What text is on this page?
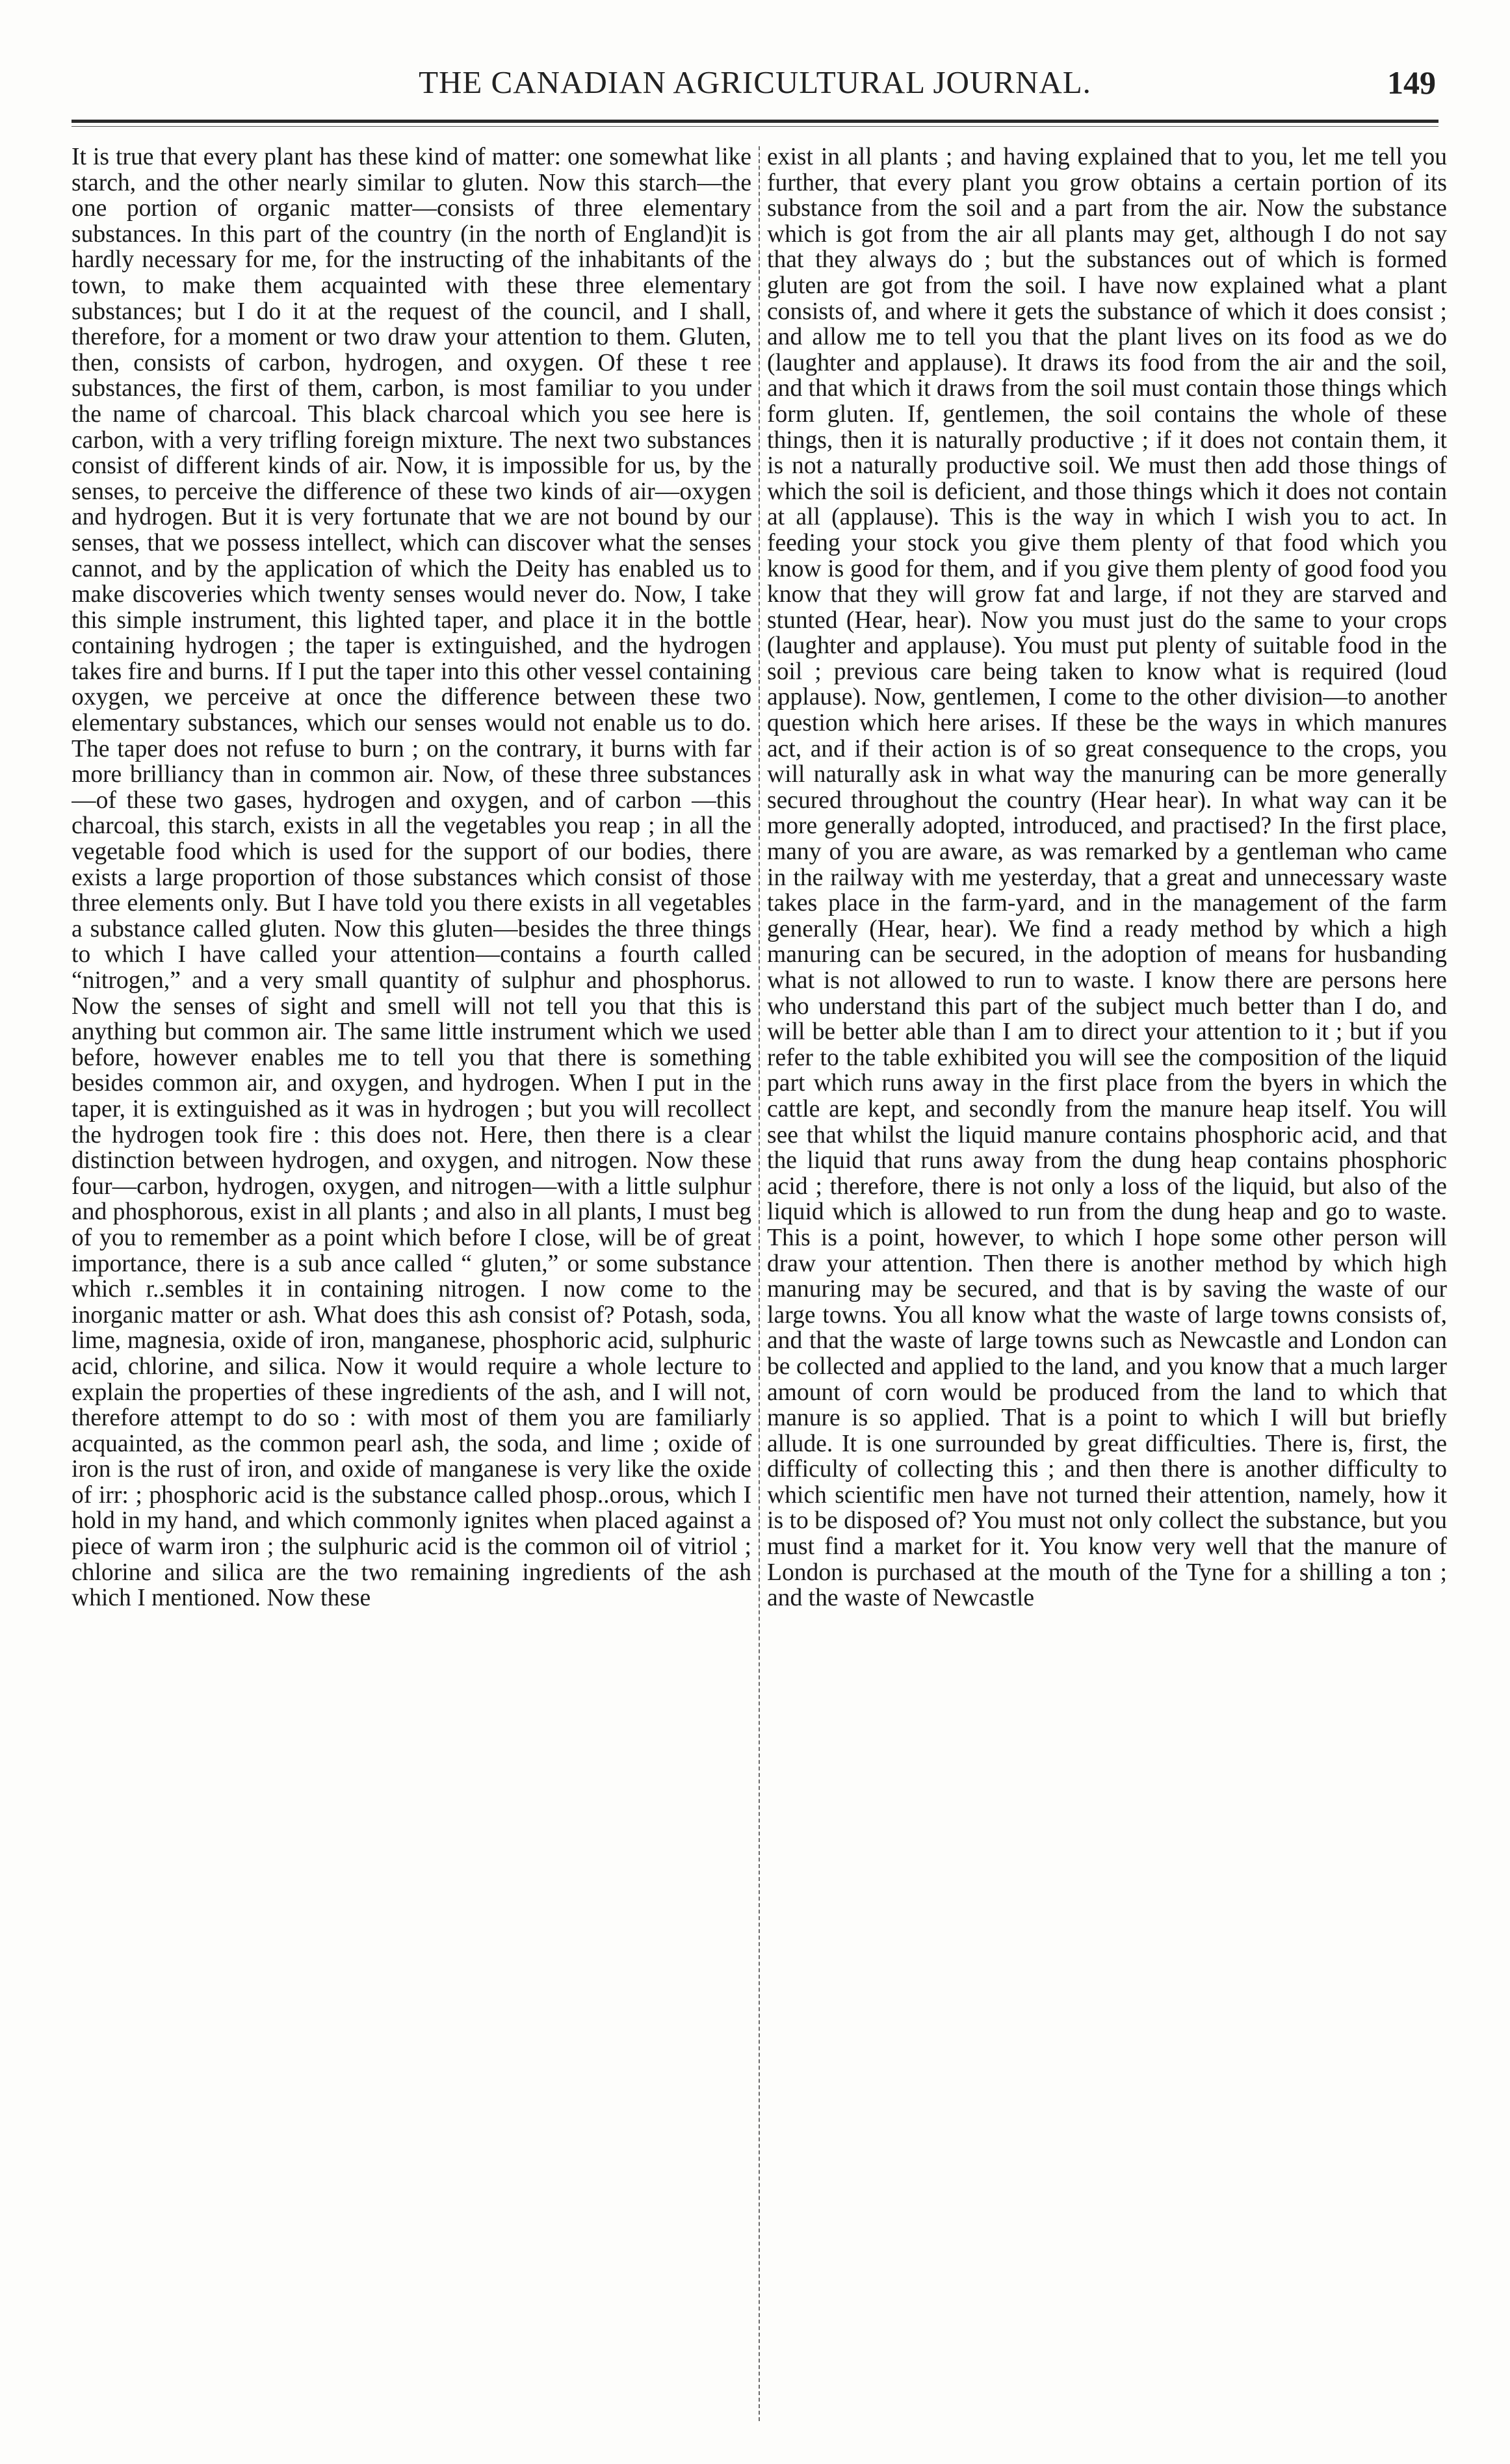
THE CANADIAN AGRICULTURAL JOURNAL.	149

It is true that every plant has these kind of matter: one somewhat like starch, and the other nearly similar to gluten. Now this starch—the one portion of organic matter—consists of three elementary substances. In this part of the country (in the north of England)it is hardly necessary for me, for the instructing of the inhabitants of the town, to make them acquainted with these three elementary substances; but I do it at the request of the council, and I shall, therefore, for a moment or two draw your attention to them. Gluten, then, consists of carbon, hydrogen, and oxygen. Of these t ree substances, the first of them, carbon, is most familiar to you under the name of charcoal. This black charcoal which you see here is carbon, with a very trifling foreign mixture. The next two substances consist of different kinds of air. Now, it is impossible for us, by the senses, to perceive the difference of these two kinds of air—oxygen and hydrogen. But it is very fortunate that we are not bound by our senses, that we possess intellect, which can discover what the senses cannot, and by the application of which the Deity has enabled us to make discoveries which twenty senses would never do. Now, I take this simple instrument, this lighted taper, and place it in the bottle containing hydrogen ; the taper is extinguished, and the hydrogen takes fire and burns. If I put the taper into this other vessel containing oxygen, we perceive at once the difference between these two elementary substances, which our senses would not enable us to do. The taper does not refuse to burn ; on the contrary, it burns with far more brilliancy than in common air. Now, of these three substances—of these two gases, hydrogen and oxygen, and of carbon —this charcoal, this starch, exists in all the vegetables you reap ; in all the vegetable food which is used for the support of our bodies, there exists a large proportion of those substances which consist of those three elements only. But I have told you there exists in all vegetables a substance called gluten. Now this gluten—besides the three things to which I have called your attention—contains a fourth called “nitrogen,” and a very small quantity of sulphur and phosphorus. Now the senses of sight and smell will not tell you that this is anything but common air. The same little instrument which we used before, however enables me to tell you that there is something besides common air, and oxygen, and hydrogen. When I put in the taper, it is extinguished as it was in hydrogen ; but you will recollect the hydrogen took fire : this does not. Here, then there is a clear distinction between hydrogen, and oxygen, and nitrogen. Now these four—carbon, hydrogen, oxygen, and nitrogen—with a little sulphur and phosphorous, exist in all plants ; and also in all plants, I must beg of you to remember as a point which before I close, will be of great importance, there is a sub ance called “ gluten,” or some substance which r..sembles it in containing nitrogen. I now come to the inorganic matter or ash. What does this ash consist of? Potash, soda, lime, magnesia, oxide of iron, manganese, phosphoric acid, sulphuric acid, chlorine, and silica. Now it would require a whole lecture to explain the properties of these ingredients of the ash, and I will not, therefore attempt to do so : with most of them you are familiarly acquainted, as the common pearl ash, the soda, and lime ; oxide of iron is the rust of iron, and oxide of manganese is very like the oxide of irr: ; phosphoric acid is the substance called phosp..orous, which I hold in my hand, and which commonly ignites when placed against a piece of warm iron ; the sulphuric acid is the common oil of vitriol ; chlorine and silica are the two remaining ingredients of the ash which I mentioned. Now these

exist in all plants ; and having explained that to you, let me tell you further, that every plant you grow obtains a certain portion of its substance from the soil and a part from the air. Now the substance which is got from the air all plants may get, although I do not say that they always do ; but the substances out of which is formed gluten are got from the soil. I have now explained what a plant consists of, and where it gets the substance of which it does consist ; and allow me to tell you that the plant lives on its food as we do (laughter and applause). It draws its food from the air and the soil, and that which it draws from the soil must contain those things which form gluten. If, gentlemen, the soil contains the whole of these things, then it is naturally productive ; if it does not contain them, it is not a naturally productive soil. We must then add those things of which the soil is deficient, and those things which it does not contain at all (applause). This is the way in which I wish you to act. In feeding your stock you give them plenty of that food which you know is good for them, and if you give them plenty of good food you know that they will grow fat and large, if not they are starved and stunted (Hear, hear). Now you must just do the same to your crops (laughter and applause). You must put plenty of suitable food in the soil ; previous care being taken to know what is required (loud applause). Now, gentlemen, I come to the other division—to another question which here arises. If these be the ways in which manures act, and if their action is of so great consequence to the crops, you will naturally ask in what way the manuring can be more generally secured throughout the country (Hear hear). In what way can it be more generally adopted, introduced, and practised? In the first place, many of you are aware, as was remarked by a gentleman who came in the railway with me yesterday, that a great and unnecessary waste takes place in the farm-yard, and in the management of the farm generally (Hear, hear). We find a ready method by which a high manuring can be secured, in the adoption of means for husbanding what is not allowed to run to waste. I know there are persons here who understand this part of the subject much better than I do, and will be better able than I am to direct your attention to it ; but if you refer to the table exhibited you will see the composition of the liquid part which runs away in the first place from the byers in which the cattle are kept, and secondly from the manure heap itself. You will see that whilst the liquid manure contains phosphoric acid, and that the liquid that runs away from the dung heap contains phosphoric acid ; therefore, there is not only a loss of the liquid, but also of the liquid which is allowed to run from the dung heap and go to waste. This is a point, however, to which I hope some other person will draw your attention. Then there is another method by which high manuring may be secured, and that is by saving the waste of our large towns. You all know what the waste of large towns consists of, and that the waste of large towns such as Newcastle and London can be collected and applied to the land, and you know that a much larger amount of corn would be produced from the land to which that manure is so applied. That is a point to which I will but briefly allude. It is one surrounded by great difficulties. There is, first, the difficulty of collecting this ; and then there is another difficulty to which scientific men have not turned their attention, namely, how it is to be disposed of? You must not only collect the substance, but you must find a market for it. You know very well that the manure of London is purchased at the mouth of the Tyne for a shilling a ton ; and the waste of Newcastle
